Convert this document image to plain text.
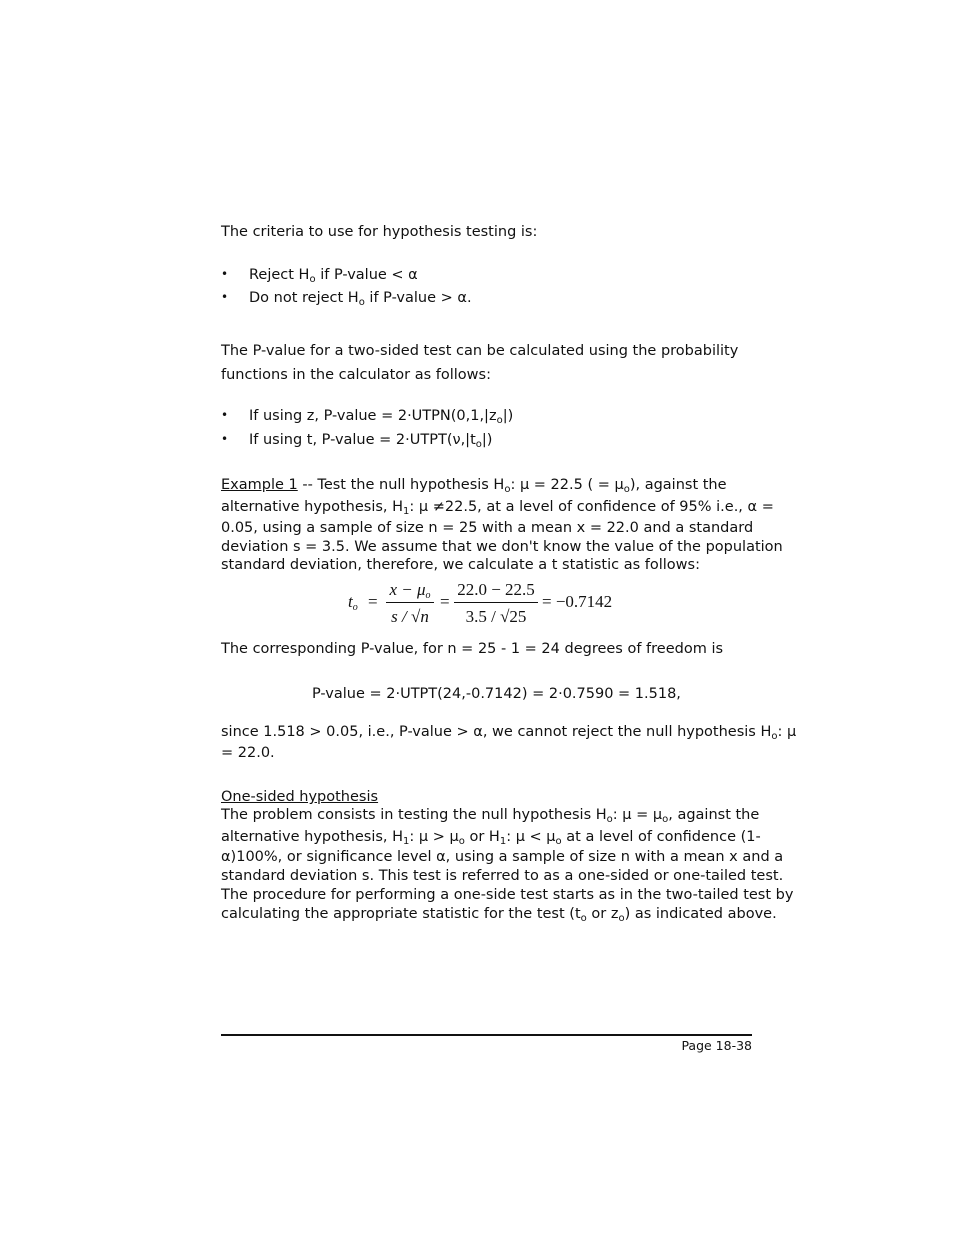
The criteria to use for hypothesis testing is:
• Reject $H_o$ if P-value < α
• Do not reject $H_o$ if P-value > α.
The P-value for a two-sided test can be calculated using the probability functions in the calculator as follows:
• If using z, P-value = $2\cdot UTPN(0,1,|z_o|)$
• If using t, P-value = $2\cdot UTPT(\nu,|t_o|)$
Example 1 -- Test the null hypothesis $H_o$: μ = 22.5 ( = $\mu_o$), against the
alternative hypothesis, $H_1$: μ ≠22.5, at a level of confidence of 95% i.e., α =
0.05, using a sample of size n = 25 with a mean x = 22.0 and a standard
deviation s = 3.5. We assume that we don't know the value of the population
standard deviation, therefore, we calculate a t statistic as follows:
$t_o$ =
$x - \mu_o$
s / √n
=
22.0 − 22.5
3.5 / √25
= −0.7142
The corresponding P-value, for n = 25 - 1 = 24 degrees of freedom is
P-value = 2·UTPT(24,-0.7142) = 2·0.7590 = 1.518,
since 1.518 > 0.05, i.e., P-value > α, we cannot reject the null hypothesis $H_o$: μ
= 22.0.
One-sided hypothesis
The problem consists in testing the null hypothesis $H_o$: $\mu = \mu_o$, against the
alternative hypothesis, $H_1$: $\mu > \mu_o$ or $H_1$: $\mu < \mu_o$ at a level of confidence (1-
α)100%, or significance level α, using a sample of size n with a mean x and a
standard deviation s. This test is referred to as a one-sided or one-tailed test.
The procedure for performing a one-side test starts as in the two-tailed test by
calculating the appropriate statistic for the test ($t_o$ or $z_o$) as indicated above.
Page 18-38
